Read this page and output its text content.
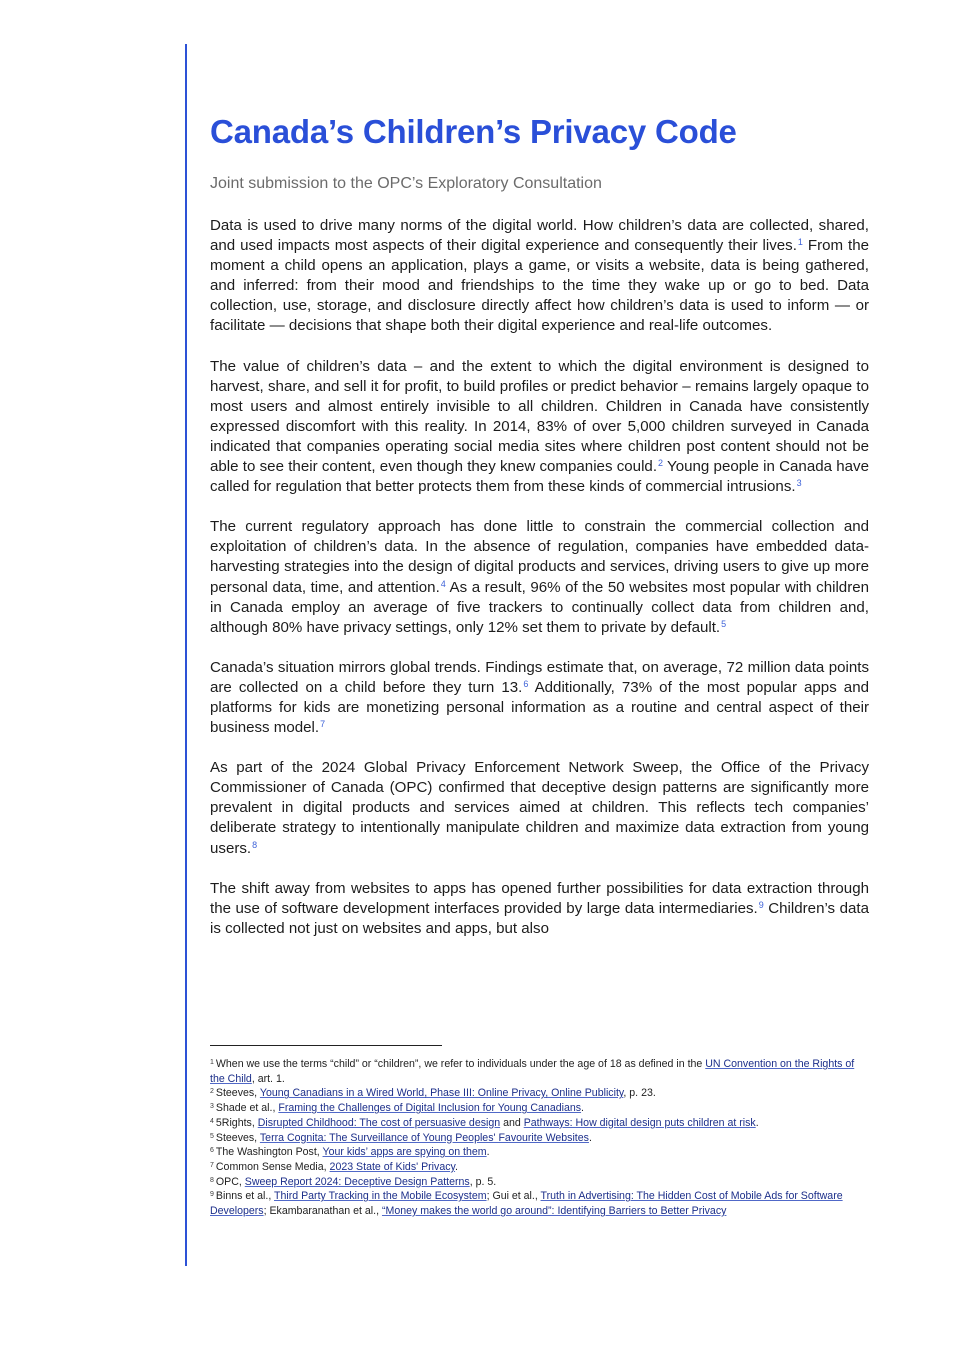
Canada’s Children’s Privacy Code
Joint submission to the OPC’s Exploratory Consultation

Data is used to drive many norms of the digital world. How children’s data are collected, shared, and used impacts most aspects of their digital experience and consequently their lives.$^1$ From the moment a child opens an application, plays a game, or visits a website, data is being gathered, and inferred: from their mood and friendships to the time they wake up or go to bed. Data collection, use, storage, and disclosure directly affect how children’s data is used to inform — or facilitate — decisions that shape both their digital experience and real-life outcomes.

The value of children’s data – and the extent to which the digital environment is designed to harvest, share, and sell it for profit, to build profiles or predict behavior – remains largely opaque to most users and almost entirely invisible to all children. Children in Canada have consistently expressed discomfort with this reality. In 2014, 83% of over 5,000 children surveyed in Canada indicated that companies operating social media sites where children post content should not be able to see their content, even though they knew companies could.$^2$ Young people in Canada have called for regulation that better protects them from these kinds of commercial intrusions.$^3$

The current regulatory approach has done little to constrain the commercial collection and exploitation of children’s data. In the absence of regulation, companies have embedded data-harvesting strategies into the design of digital products and services, driving users to give up more personal data, time, and attention.$^4$ As a result, 96% of the 50 websites most popular with children in Canada employ an average of five trackers to continually collect data from children and, although 80% have privacy settings, only 12% set them to private by default.$^5$

Canada’s situation mirrors global trends. Findings estimate that, on average, 72 million data points are collected on a child before they turn 13.$^6$ Additionally, 73% of the most popular apps and platforms for kids are monetizing personal information as a routine and central aspect of their business model.$^7$

As part of the 2024 Global Privacy Enforcement Network Sweep, the Office of the Privacy Commissioner of Canada (OPC) confirmed that deceptive design patterns are significantly more prevalent in digital products and services aimed at children. This reflects tech companies’ deliberate strategy to intentionally manipulate children and maximize data extraction from young users.$^8$

The shift away from websites to apps has opened further possibilities for data extraction through the use of software development interfaces provided by large data intermediaries.$^9$ Children’s data is collected not just on websites and apps, but also

$^1$ When we use the terms “child” or “children”, we refer to individuals under the age of 18 as defined in the UN Convention on the Rights of the Child, art. 1.
$^2$ Steeves, Young Canadians in a Wired World, Phase III: Online Privacy, Online Publicity, p. 23.
$^3$ Shade et al., Framing the Challenges of Digital Inclusion for Young Canadians.
$^4$ 5Rights, Disrupted Childhood: The cost of persuasive design and Pathways: How digital design puts children at risk.
$^5$ Steeves, Terra Cognita: The Surveillance of Young Peoples' Favourite Websites.
$^6$ The Washington Post, Your kids’ apps are spying on them.
$^7$ Common Sense Media, 2023 State of Kids' Privacy.
$^8$ OPC, Sweep Report 2024: Deceptive Design Patterns, p. 5.
$^9$ Binns et al., Third Party Tracking in the Mobile Ecosystem; Gui et al., Truth in Advertising: The Hidden Cost of Mobile Ads for Software Developers; Ekambaranathan et al., “Money makes the world go around”: Identifying Barriers to Better Privacy
